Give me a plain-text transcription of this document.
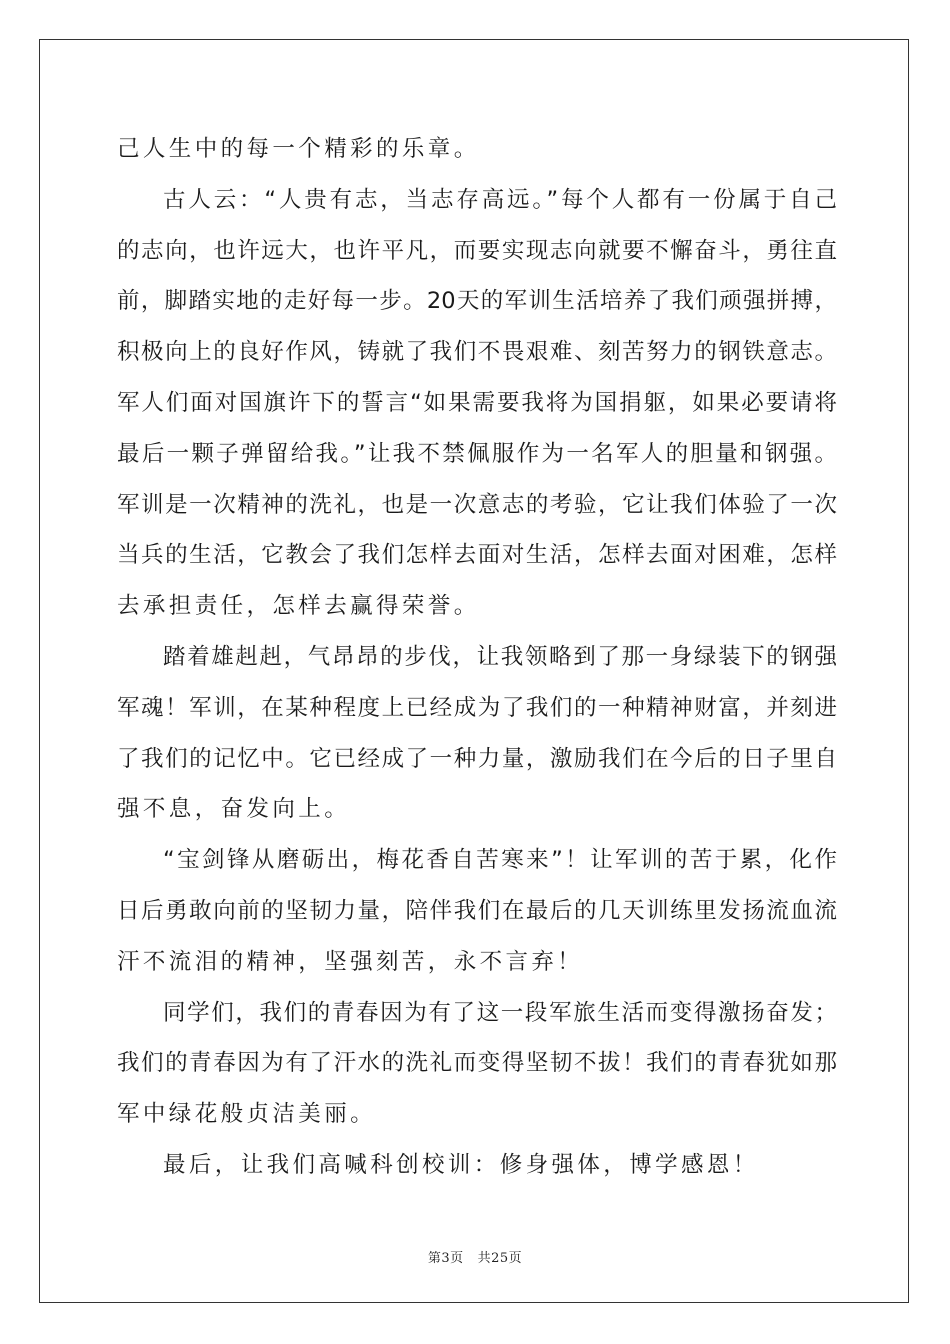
己人生中的每一个精彩的乐章。
古人云：“人贵有志，当志存高远。”每个人都有一份属于自己
的志向，也许远大，也许平凡，而要实现志向就要不懈奋斗，勇往直
前，脚踏实地的走好每一步。20天的军训生活培养了我们顽强拼搏，
积极向上的良好作风，铸就了我们不畏艰难、刻苦努力的钢铁意志。
军人们面对国旗许下的誓言“如果需要我将为国捐躯，如果必要请将
最后一颗子弹留给我。”让我不禁佩服作为一名军人的胆量和钢强。
军训是一次精神的洗礼，也是一次意志的考验，它让我们体验了一次
当兵的生活，它教会了我们怎样去面对生活，怎样去面对困难，怎样
去承担责任，怎样去赢得荣誉。
踏着雄赳赳，气昂昂的步伐，让我领略到了那一身绿装下的钢强
军魂！军训，在某种程度上已经成为了我们的一种精神财富，并刻进
了我们的记忆中。它已经成了一种力量，激励我们在今后的日子里自
强不息，奋发向上。
“宝剑锋从磨砺出，梅花香自苦寒来”！让军训的苦于累，化作
日后勇敢向前的坚韧力量，陪伴我们在最后的几天训练里发扬流血流
汗不流泪的精神，坚强刻苦，永不言弃！
同学们，我们的青春因为有了这一段军旅生活而变得激扬奋发；
我们的青春因为有了汗水的洗礼而变得坚韧不拔！我们的青春犹如那
军中绿花般贞洁美丽。
最后，让我们高喊科创校训：修身强体，博学感恩！
第3页 共25页
